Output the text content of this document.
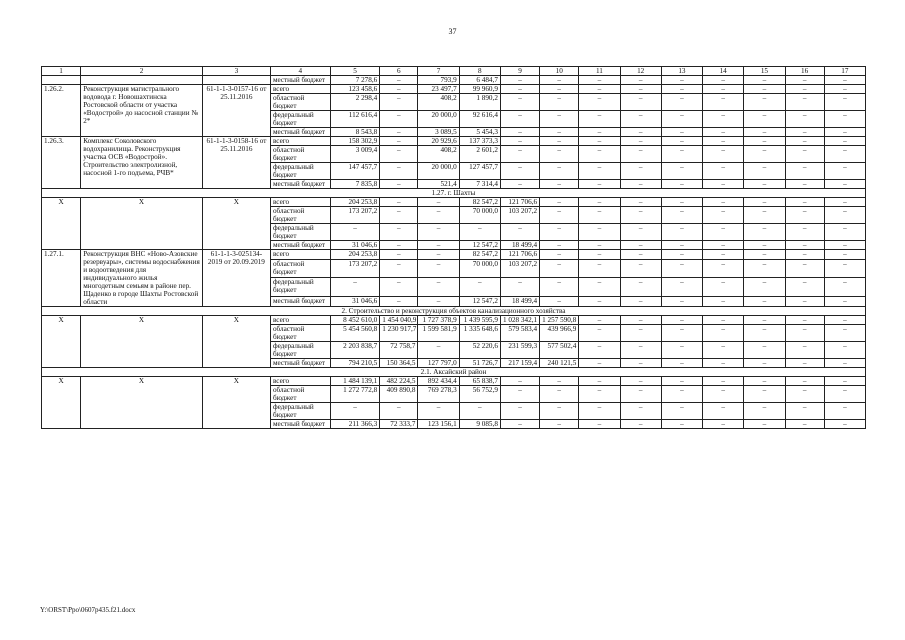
37
1	2	3	4	5	6	7	8	9	10	11	12	13	14	15	16	17
			местный бюджет	7 278,6	–	793,9	6 484,7	–	–	–	–	–	–	–	–	–
1.26.2.	Реконструкция магистрального водовода г. Новошахтинска Ростовской области от участка «Водострой» до насосной станции № 2*	61-1-1-3-0157-16 от 25.11.2016	всего	123 458,6	–	23 497,7	99 960,9	–	–	–	–	–	–	–	–	–
			областной бюджет	2 298,4	–	408,2	1 890,2	–	–	–	–	–	–	–	–	–
			федеральный бюджет	112 616,4	–	20 000,0	92 616,4	–	–	–	–	–	–	–	–	–
			местный бюджет	8 543,8	–	3 089,5	5 454,3	–	–	–	–	–	–	–	–	–
1.26.3.	Комплекс Соколовского водохранилища. Реконструкция участка ОСВ «Водострой». Строительство электролизной, насосной 1-го подъема, РЧВ*	61-1-1-3-0158-16 от 25.11.2016	всего	158 302,9	–	20 929,6	137 373,3	–	–	–	–	–	–	–	–	–
			областной бюджет	3 009,4	–	408,2	2 601,2	–	–	–	–	–	–	–	–	–
			федеральный бюджет	147 457,7	–	20 000,0	127 457,7	–	–	–	–	–	–	–	–	–
			местный бюджет	7 835,8	–	521,4	7 314,4	–	–	–	–	–	–	–	–	–
1.27. г. Шахты																
X	X	X	всего	204 253,8	–	–	82 547,2	121 706,6	–	–	–	–	–	–	–	–
			областной бюджет	173 207,2	–	–	70 000,0	103 207,2	–	–	–	–	–	–	–	–
			федеральный бюджет	–	–	–	–	–	–	–	–	–	–	–	–	–
			местный бюджет	31 046,6	–	–	12 547,2	18 499,4	–	–	–	–	–	–	–	–
1.27.1.	Реконструкция ВНС «Ново-Азовские резервуары», системы водоснабжения и водоотведения для индивидуального жилья многодетным семьям в районе пер. Щаденко в городе Шахты Ростовской области	61-1-1-3-025134-2019 от 20.09.2019	всего	204 253,8	–	–	82 547,2	121 706,6	–	–	–	–	–	–	–	–
			областной бюджет	173 207,2	–	–	70 000,0	103 207,2	–	–	–	–	–	–	–	–
			федеральный бюджет	–	–	–	–	–	–	–	–	–	–	–	–	–
			местный бюджет	31 046,6	–	–	12 547,2	18 499,4	–	–	–	–	–	–	–	–
2. Строительство и реконструкция объектов канализационного хозяйства																
X	X	X	всего	8 452 610,0	1 454 040,9	1 727 378,9	1 439 595,9	1 028 342,1	1 257 590,8	–	–	–	–	–	–	–
			областной бюджет	5 454 560,8	1 230 917,7	1 599 581,9	1 335 648,6	579 583,4	439 966,9	–	–	–	–	–	–	–
			федеральный бюджет	2 203 838,7	72 758,7	–	52 220,6	231 599,3	577 502,4	–	–	–	–	–	–	–
			местный бюджет	794 210,5	150 364,5	127 797,0	51 726,7	217 159,4	240 121,5	–	–	–	–	–	–	–
2.1. Аксайский район																
X	X	X	всего	1 484 139,1	482 224,5	892 434,4	65 838,7	–	–	–	–	–	–	–	–	–
			областной бюджет	1 272 772,8	409 890,8	769 278,3	56 752,9	–	–	–	–	–	–	–	–	–
			федеральный бюджет	–	–	–	–	–	–	–	–	–	–	–	–	–
			местный бюджет	211 366,3	72 333,7	123 156,1	9 085,8	–	–	–	–	–	–	–	–	–
Y:\ORST\Ppo\0607p435.f21.docx
